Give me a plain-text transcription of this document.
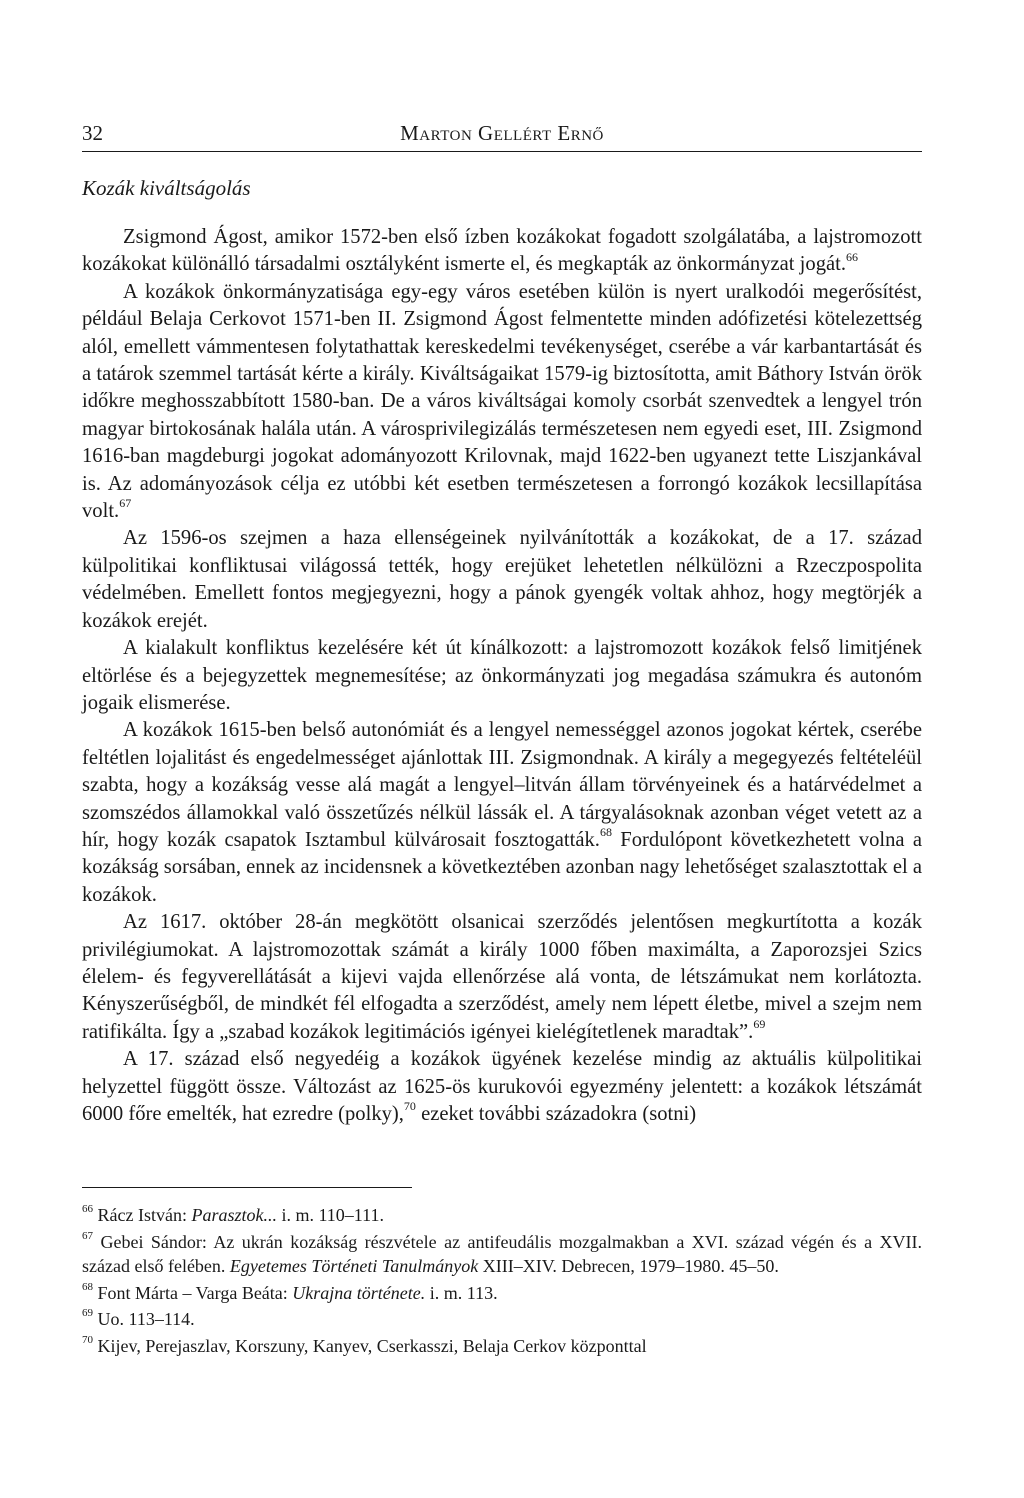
32	Marton Gellért Ernő
Kozák kiváltságolás

Zsigmond Ágost, amikor 1572-ben első ízben kozákokat fogadott szolgálatába, a lajstromozott kozákokat különálló társadalmi osztályként ismerte el, és megkapták az önkormányzat jogát.$^{66}$

A kozákok önkormányzatisága egy-egy város esetében külön is nyert uralkodói megerősítést, például Belaja Cerkovot 1571-ben II. Zsigmond Ágost felmentette minden adófizetési kötelezettség alól, emellett vámmentesen folytathattak kereskedelmi tevékenységet, cserébe a vár karbantartását és a tatárok szemmel tartását kérte a király. Kiváltságaikat 1579-ig biztosította, amit Báthory István örök időkre meghosszabbított 1580-ban. De a város kiváltságai komoly csorbát szenvedtek a lengyel trón magyar birtokosának halála után. A városprivilegizálás természetesen nem egyedi eset, III. Zsigmond 1616-ban magdeburgi jogokat adományozott Krilovnak, majd 1622-ben ugyanezt tette Liszjankával is. Az adományozások célja ez utóbbi két esetben természetesen a forrongó kozákok lecsillapítása volt.$^{67}$

Az 1596-os szejmen a haza ellenségeinek nyilvánították a kozákokat, de a 17. század külpolitikai konfliktusai világossá tették, hogy erejüket lehetetlen nélkülözni a Rzeczpospolita védelmében. Emellett fontos megjegyezni, hogy a pánok gyengék voltak ahhoz, hogy megtörjék a kozákok erejét.

A kialakult konfliktus kezelésére két út kínálkozott: a lajstromozott kozákok felső limitjének eltörlése és a bejegyzettek megnemesítése; az önkormányzati jog megadása számukra és autonóm jogaik elismerése.

A kozákok 1615-ben belső autonómiát és a lengyel nemességgel azonos jogokat kértek, cserébe feltétlen lojalitást és engedelmességet ajánlottak III. Zsigmondnak. A király a megegyezés feltételéül szabta, hogy a kozákság vesse alá magát a lengyel–litván állam törvényeinek és a határvédelmet a szomszédos államokkal való összetűzés nélkül lássák el. A tárgyalásoknak azonban véget vetett az a hír, hogy kozák csapatok Isztambul külvárosait fosztogatták.$^{68}$ Fordulópont következhetett volna a kozákság sorsában, ennek az incidensnek a következtében azonban nagy lehetőséget szalasztottak el a kozákok.

Az 1617. október 28-án megkötött olsanicai szerződés jelentősen megkurtította a kozák privilégiumokat. A lajstromozottak számát a király 1000 főben maximálta, a Zaporozsjei Szics élelem- és fegyverellátását a kijevi vajda ellenőrzése alá vonta, de létszámukat nem korlátozta. Kényszerűségből, de mindkét fél elfogadta a szerződést, amely nem lépett életbe, mivel a szejm nem ratifikálta. Így a „szabad kozákok legitimációs igényei kielégítetlenek maradtak”.$^{69}$

A 17. század első negyedéig a kozákok ügyének kezelése mindig az aktuális külpolitikai helyzettel függött össze. Változást az 1625-ös kurukovói egyezmény jelentett: a kozákok létszámát 6000 főre emelték, hat ezredre (polky),$^{70}$ ezeket további századokra (sotni)

$^{66}$ Rácz István: Parasztok... i. m. 110–111.
$^{67}$ Gebei Sándor: Az ukrán kozákság részvétele az antifeudális mozgalmakban a XVI. század végén és a XVII. század első felében. Egyetemes Történeti Tanulmányok XIII–XIV. Debrecen, 1979–1980. 45–50.
$^{68}$ Font Márta – Varga Beáta: Ukrajna története. i. m. 113.
$^{69}$ Uo. 113–114.
$^{70}$ Kijev, Perejaszlav, Korszuny, Kanyev, Cserkasszi, Belaja Cerkov központtal
